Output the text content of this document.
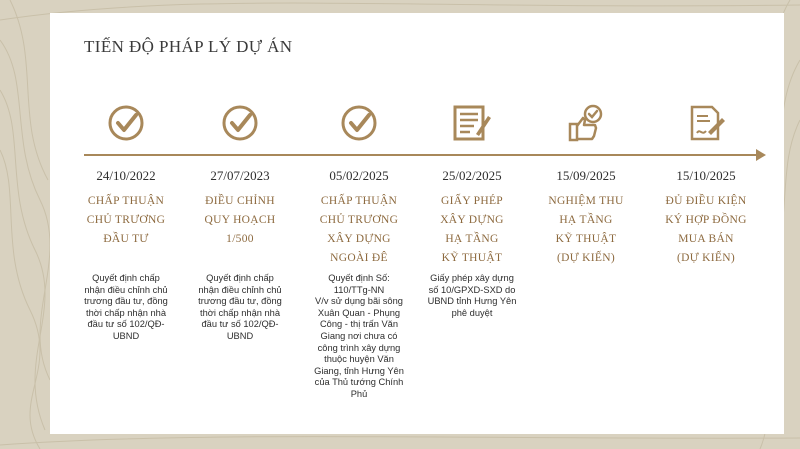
TIẾN ĐỘ PHÁP LÝ DỰ ÁN
24/10/2022
CHẤP THUẬN
CHỦ TRƯƠNG
ĐẦU TƯ
27/07/2023
ĐIỀU CHỈNH
QUY HOẠCH
1/500
05/02/2025
CHẤP THUẬN
CHỦ TRƯƠNG
XÂY DỰNG
NGOÀI ĐÊ
25/02/2025
GIẤY PHÉP
XÂY DỰNG
HẠ TẦNG
KỸ THUẬT
15/09/2025
NGHIỆM THU
HẠ TẦNG
KỸ THUẬT
(DỰ KIẾN)
15/10/2025
ĐỦ ĐIỀU KIỆN
KÝ HỢP ĐỒNG
MUA BÁN
(DỰ KIẾN)
Quyết định chấp
nhận điều chỉnh chủ
trương đầu tư, đồng
thời chấp nhận nhà
đầu tư số 102/QĐ-
UBND
Quyết định chấp
nhận điều chỉnh chủ
trương đầu tư, đồng
thời chấp nhận nhà
đầu tư số 102/QĐ-
UBND
Quyết định Số:
110/TTg-NN
V/v sử dụng bãi sông
Xuân Quan - Phụng
Công - thị trấn Văn
Giang nơi chưa có
công trình xây dựng
thuộc huyện Văn
Giang, tỉnh Hưng Yên
của Thủ tướng Chính
Phủ
Giấy phép xây dựng
số 10/GPXD-SXD do
UBND tỉnh Hưng Yên
phê duyệt
